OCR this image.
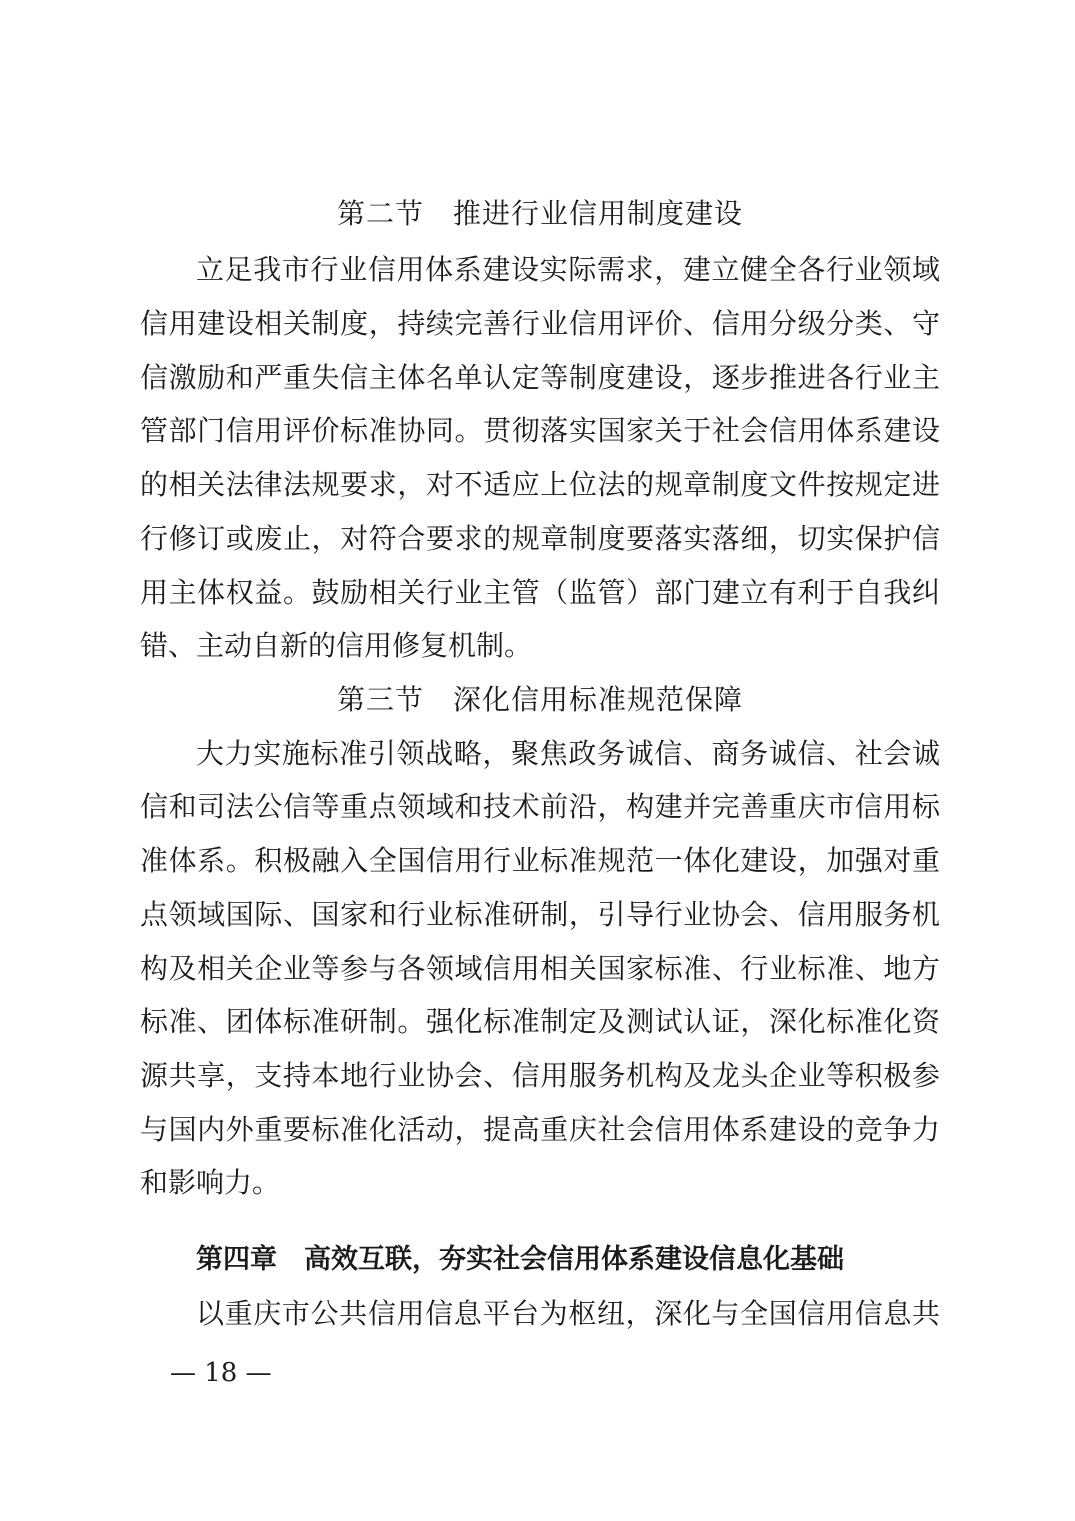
第二节　推进行业信用制度建设
立足我市行业信用体系建设实际需求，建立健全各行业领域
信用建设相关制度，持续完善行业信用评价、信用分级分类、守
信激励和严重失信主体名单认定等制度建设，逐步推进各行业主
管部门信用评价标准协同。贯彻落实国家关于社会信用体系建设
的相关法律法规要求，对不适应上位法的规章制度文件按规定进
行修订或废止，对符合要求的规章制度要落实落细，切实保护信
用主体权益。鼓励相关行业主管（监管）部门建立有利于自我纠
错、主动自新的信用修复机制。
第三节　深化信用标准规范保障
大力实施标准引领战略，聚焦政务诚信、商务诚信、社会诚
信和司法公信等重点领域和技术前沿，构建并完善重庆市信用标
准体系。积极融入全国信用行业标准规范一体化建设，加强对重
点领域国际、国家和行业标准研制，引导行业协会、信用服务机
构及相关企业等参与各领域信用相关国家标准、行业标准、地方
标准、团体标准研制。强化标准制定及测试认证，深化标准化资
源共享，支持本地行业协会、信用服务机构及龙头企业等积极参
与国内外重要标准化活动，提高重庆社会信用体系建设的竞争力
和影响力。
第四章　高效互联，夯实社会信用体系建设信息化基础
以重庆市公共信用信息平台为枢纽，深化与全国信用信息共
— 18 —
